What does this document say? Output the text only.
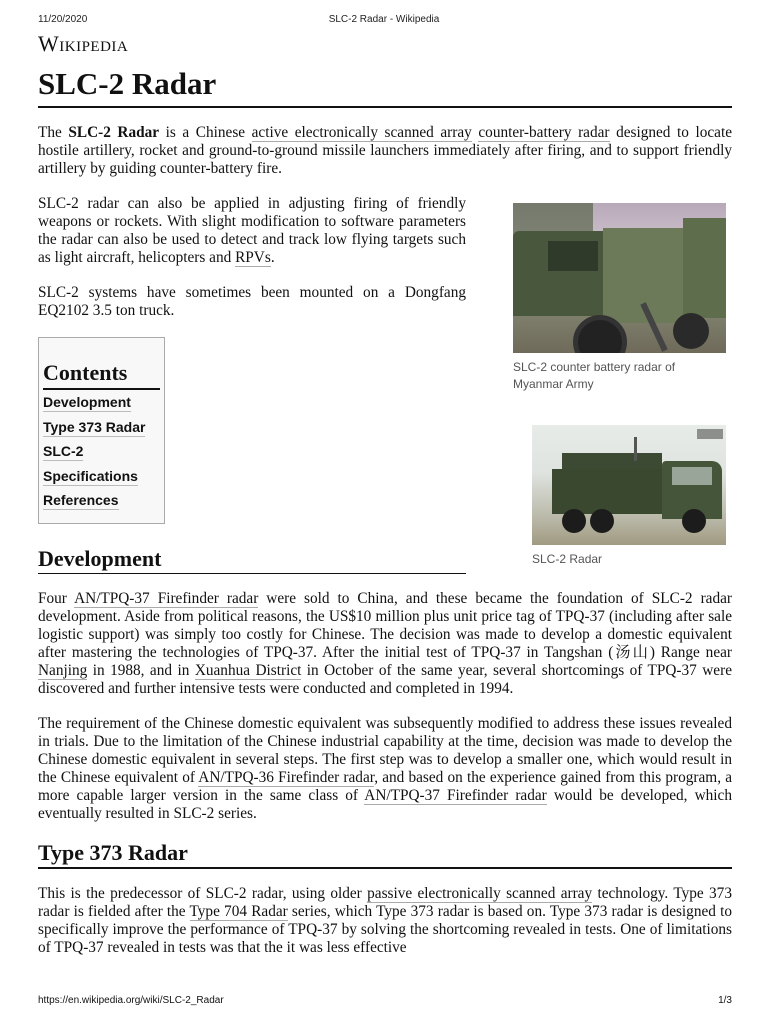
11/20/2020	SLC-2 Radar - Wikipedia
Wikipedia
SLC-2 Radar

The SLC-2 Radar is a Chinese active electronically scanned array counter-battery radar designed to locate hostile artillery, rocket and ground-to-ground missile launchers immediately after firing, and to support friendly artillery by guiding counter-battery fire.

SLC-2 counter battery radar of Myanmar Army
SLC-2 Radar

SLC-2 radar can also be applied in adjusting firing of friendly weapons or rockets. With slight modification to software parameters the radar can also be used to detect and track low flying targets such as light aircraft, helicopters and RPVs.

SLC-2 systems have sometimes been mounted on a Dongfang EQ2102 3.5 ton truck.

Contents
Development
Type 373 Radar
SLC-2
Specifications
References
Development

Four AN/TPQ-37 Firefinder radar were sold to China, and these became the foundation of SLC-2 radar development. Aside from political reasons, the US$10 million plus unit price tag of TPQ-37 (including after sale logistic support) was simply too costly for Chinese. The decision was made to develop a domestic equivalent after mastering the technologies of TPQ-37. After the initial test of TPQ-37 in Tangshan (汤山) Range near Nanjing in 1988, and in Xuanhua District in October of the same year, several shortcomings of TPQ-37 were discovered and further intensive tests were conducted and completed in 1994.

The requirement of the Chinese domestic equivalent was subsequently modified to address these issues revealed in trials. Due to the limitation of the Chinese industrial capability at the time, decision was made to develop the Chinese domestic equivalent in several steps. The first step was to develop a smaller one, which would result in the Chinese equivalent of AN/TPQ-36 Firefinder radar, and based on the experience gained from this program, a more capable larger version in the same class of AN/TPQ-37 Firefinder radar would be developed, which eventually resulted in SLC-2 series.

Type 373 Radar

This is the predecessor of SLC-2 radar, using older passive electronically scanned array technology. Type 373 radar is fielded after the Type 704 Radar series, which Type 373 radar is based on. Type 373 radar is designed to specifically improve the performance of TPQ-37 by solving the shortcoming revealed in tests. One of limitations of TPQ-37 revealed in tests was that the it was less effective

https://en.wikipedia.org/wiki/SLC-2_Radar	1/3
